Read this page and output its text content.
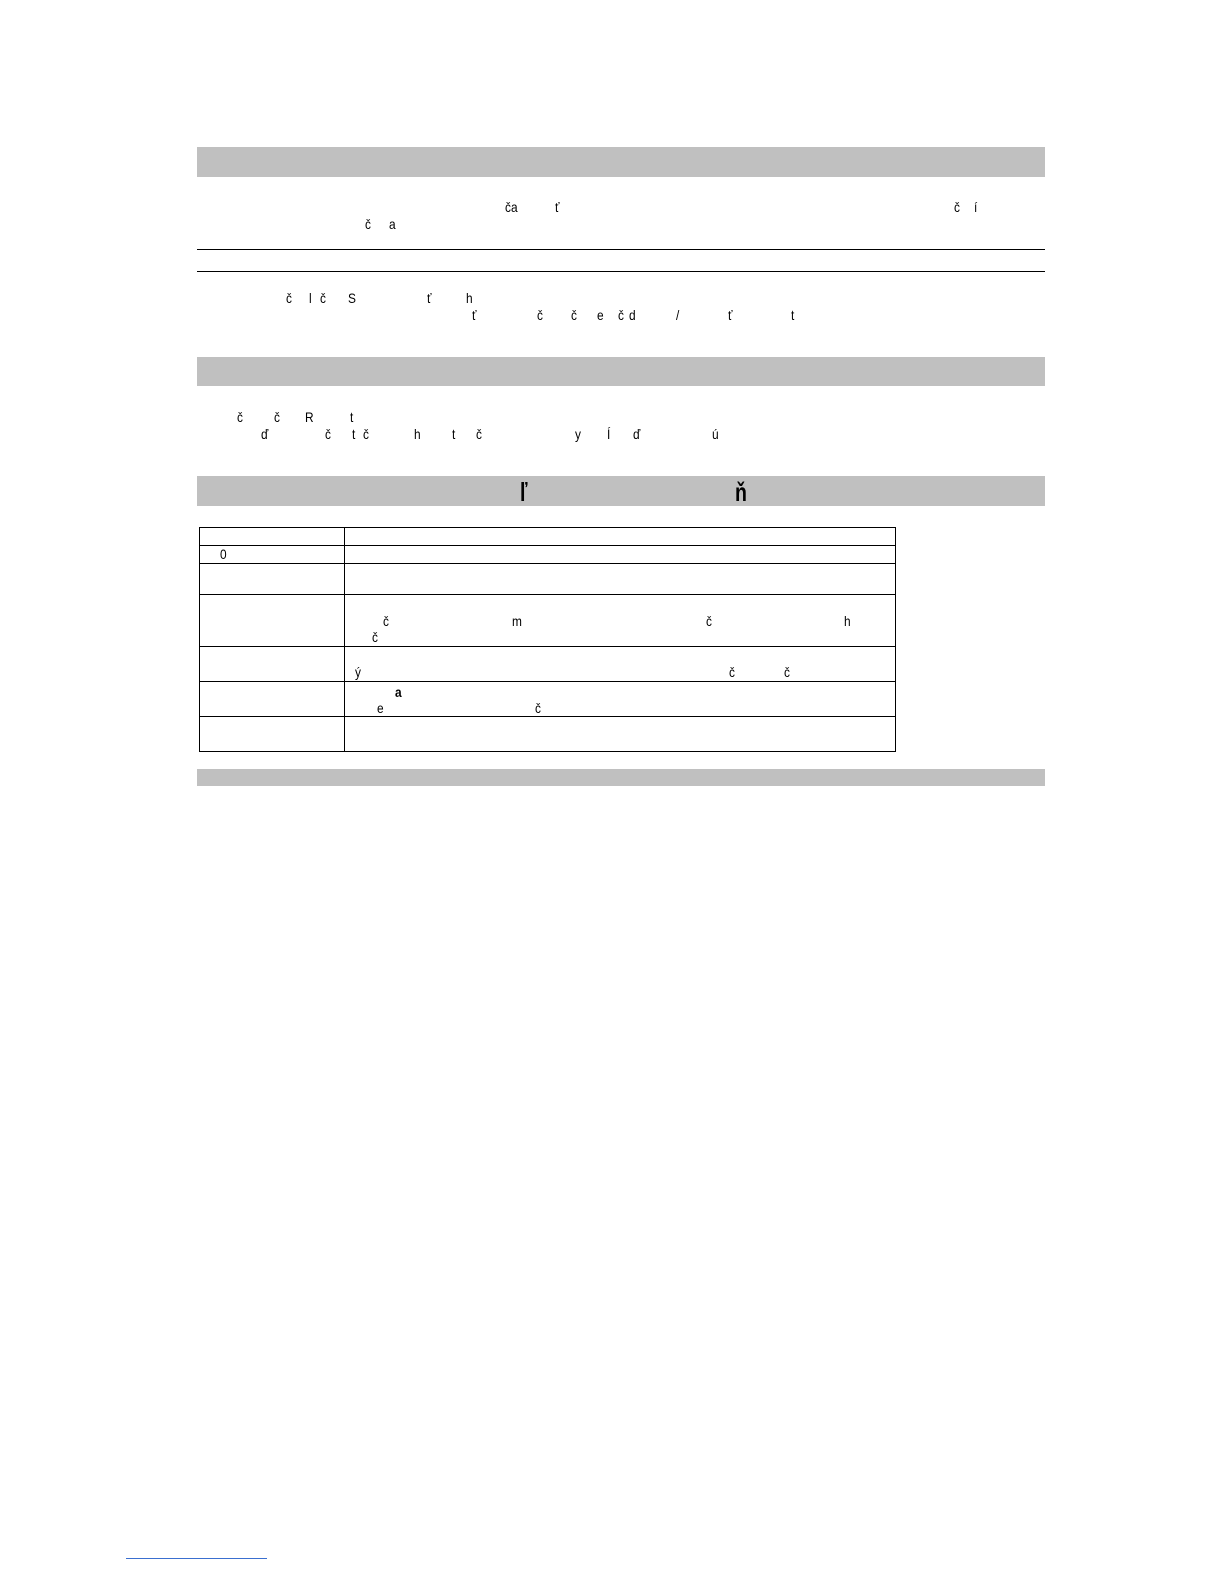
ča	ť	č í
č a
č l č S	ť h
ť	č č e č d	/	ť	t
č č R	t
ď	č t č	h t č	y Í ď	ú
ľ	ň

0	

	č m č h
č

	ý č č

	a
e č
